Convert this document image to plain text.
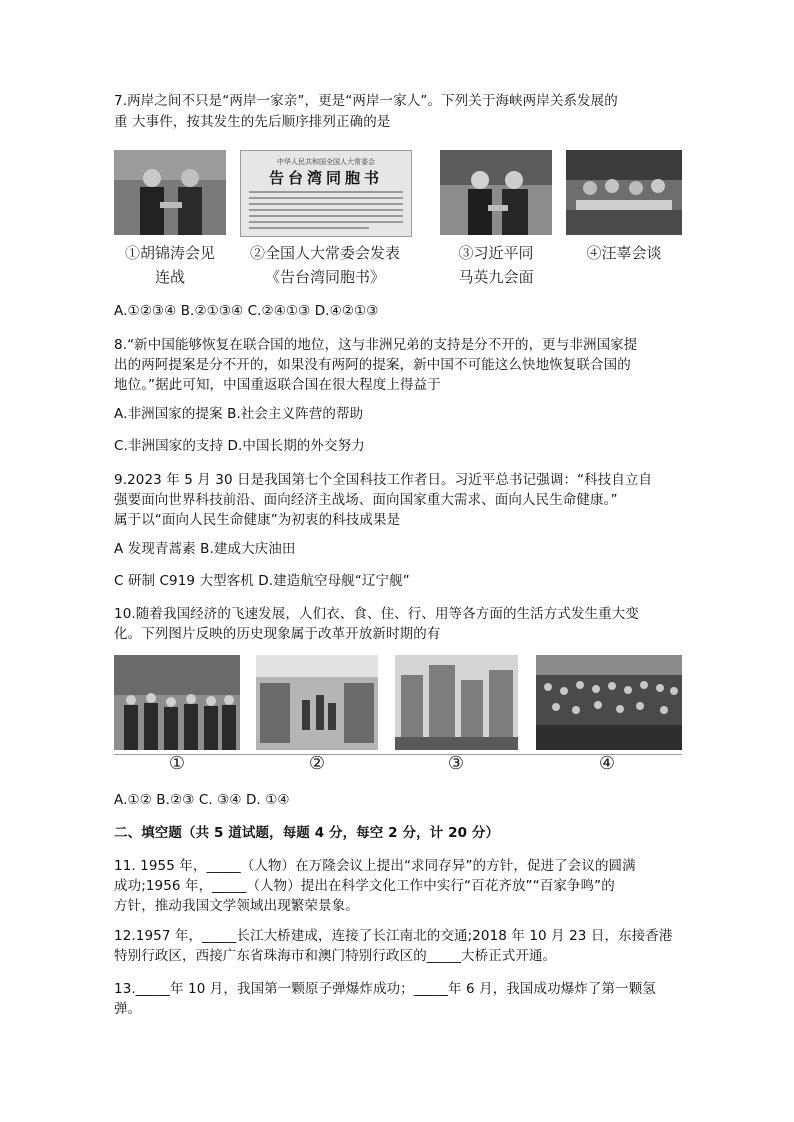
7.两岸之间不只是“两岸一家亲”，更是“两岸一家人”。下列关于海峡两岸关系发展的
重 大事件，按其发生的先后顺序排列正确的是
中华人民共和国全国人大常委会
告台湾同胞书
①胡锦涛会见
连战
②全国人大常委会发表
《告台湾同胞书》
③习近平同
马英九会面
④汪辜会谈
A.①②③④ B.②①③④ C.②④①③ D.④②①③
8.“新中国能够恢复在联合国的地位，这与非洲兄弟的支持是分不开的，更与非洲国家提
出的两阿提案是分不开的，如果没有两阿的提案，新中国不可能这么快地恢复联合国的
地位。”据此可知，中国重返联合国在很大程度上得益于
A.非洲国家的提案 B.社会主义阵营的帮助
C.非洲国家的支持 D.中国长期的外交努力
9.2023 年 5 月 30 日是我国第七个全国科技工作者日。习近平总书记强调：“科技自立自
强要面向世界科技前沿、面向经济主战场、面向国家重大需求、面向人民生命健康。”
属于以“面向人民生命健康”为初衷的科技成果是
A 发现青蒿素 B.建成大庆油田
C 研制 C919 大型客机 D.建造航空母舰“辽宁舰”
10.随着我国经济的飞速发展，人们衣、食、住、行、用等各方面的生活方式发生重大变
化。下列图片反映的历史现象属于改革开放新时期的有
①	②	③	④
A.①② B.②③ C. ③④ D. ①④
二、填空题（共 5 道试题，每题 4 分，每空 2 分，计 20 分）
11. 1955 年，_____（人物）在万隆会议上提出“求同存异”的方针，促进了会议的圆满
成功;1956 年，_____（人物）提出在科学文化工作中实行“百花齐放”“百家争鸣”的
方针，推动我国文学领域出现繁荣景象。
12.1957 年，_____长江大桥建成，连接了长江南北的交通;2018 年 10 月 23 日，东接香港
特别行政区，西接广东省珠海市和澳门特别行政区的_____大桥正式开通。
13._____年 10 月，我国第一颗原子弹爆炸成功；_____年 6 月，我国成功爆炸了第一颗氢
弹。
